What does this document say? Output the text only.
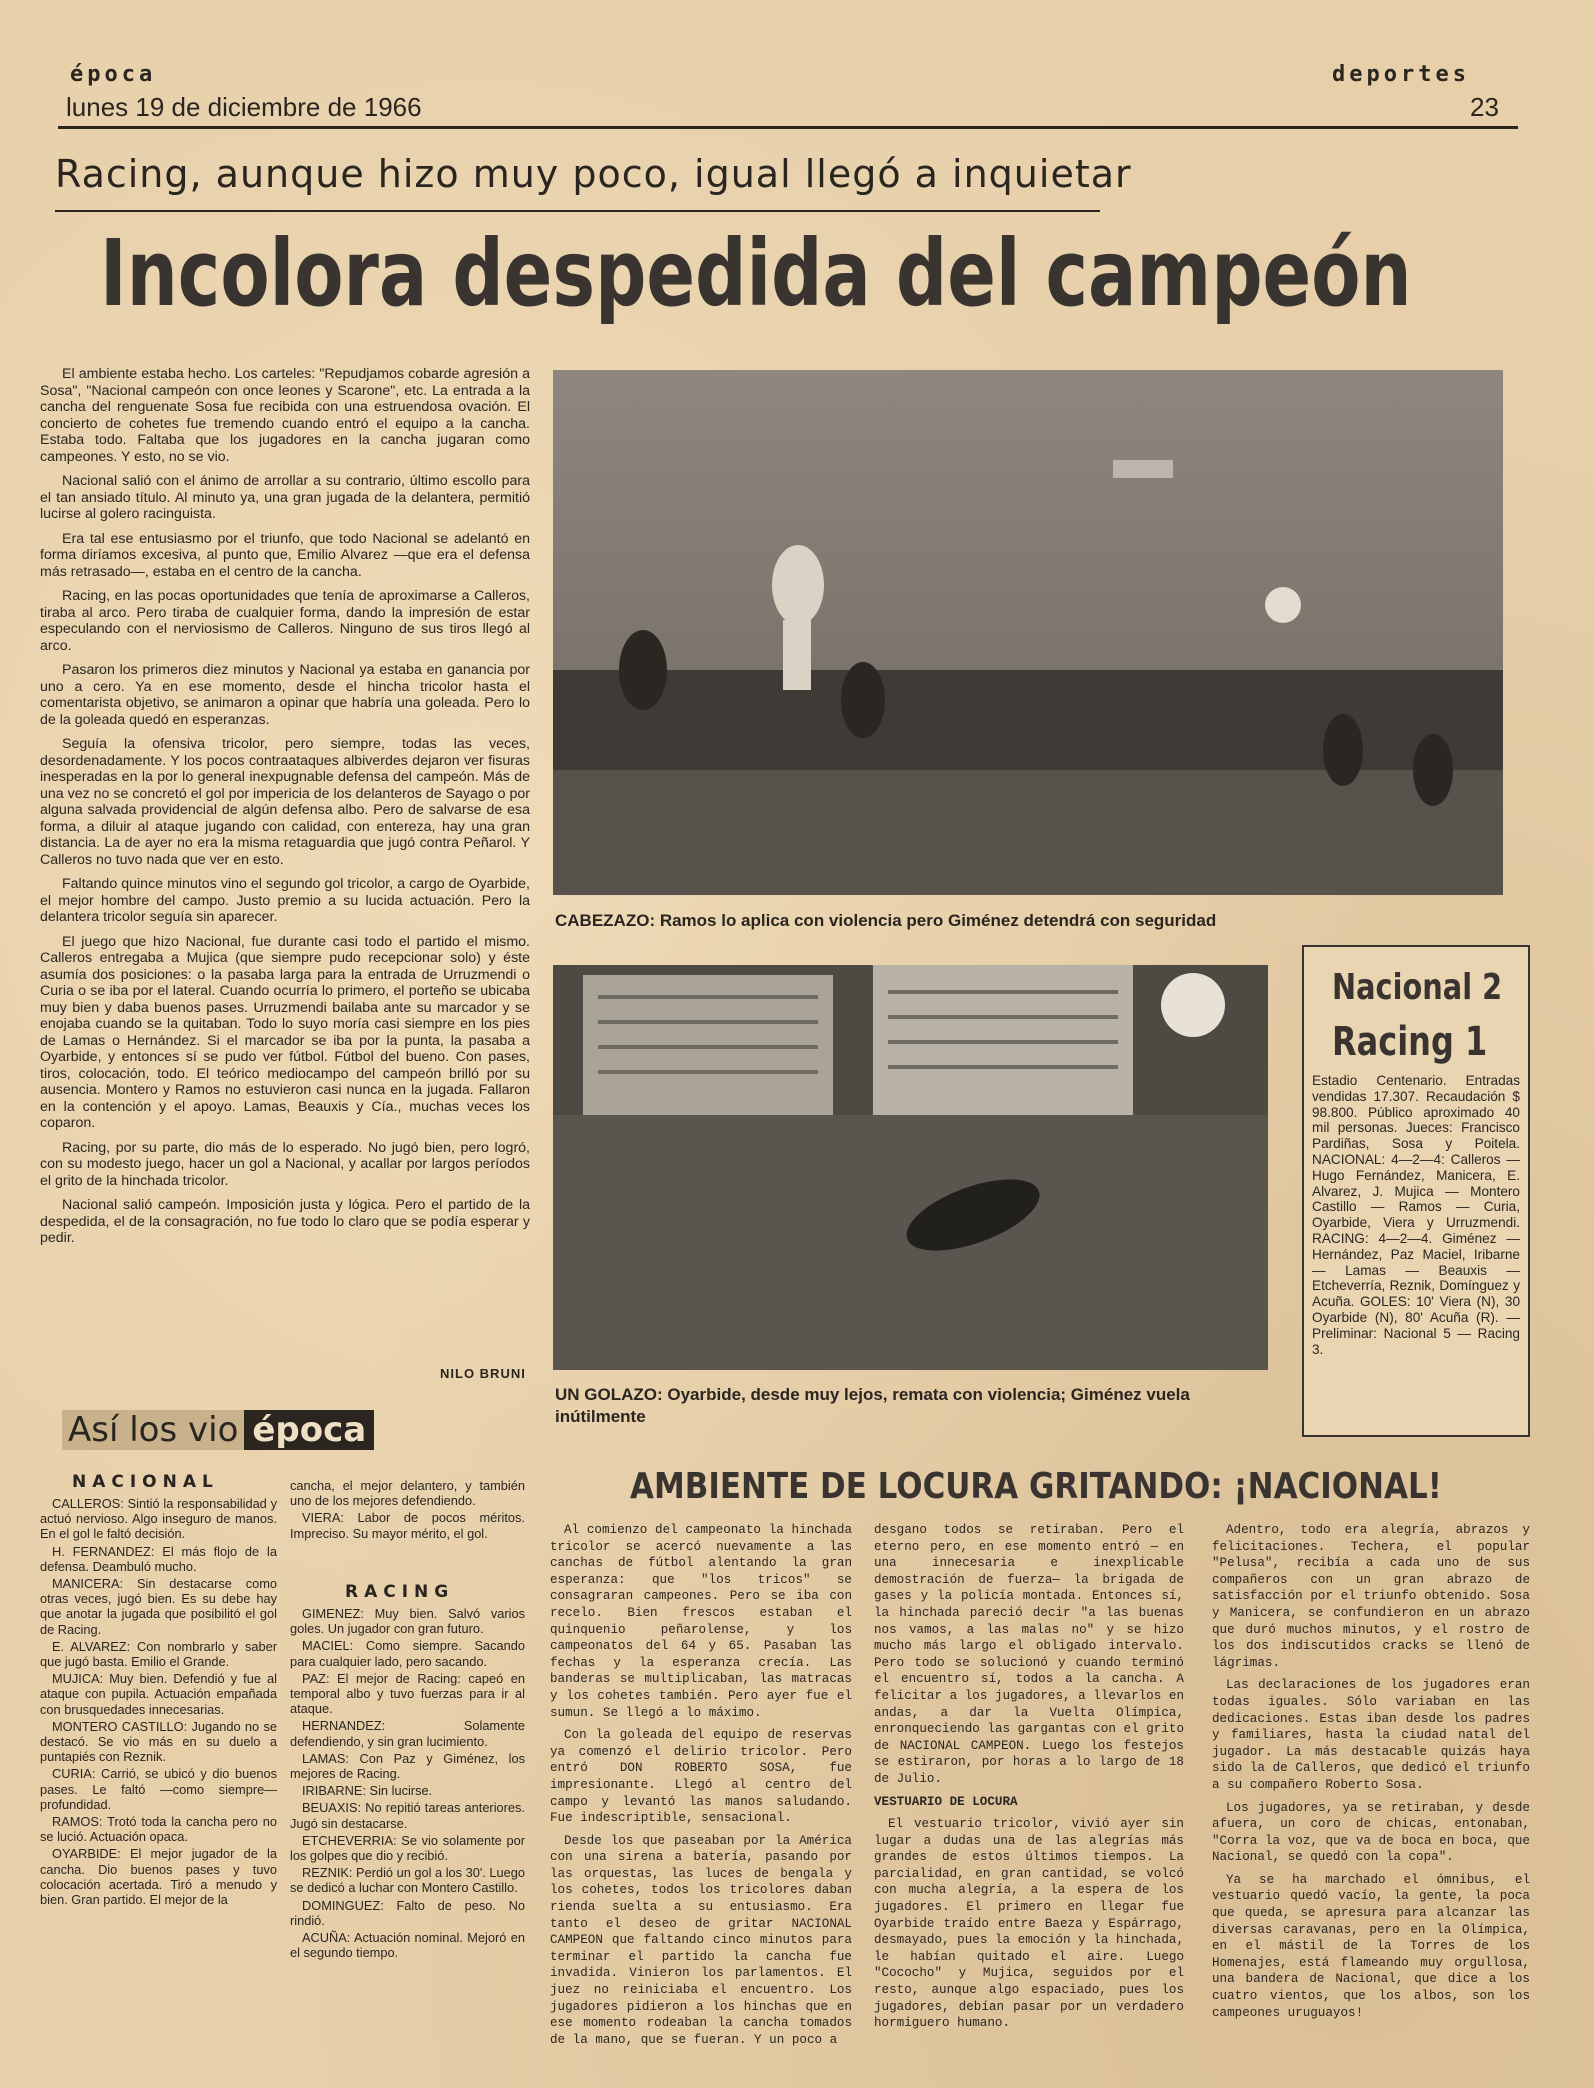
época
lunes 19 de diciembre de 1966
deportes
23
Racing, aunque hizo muy poco, igual llegó a inquietar
Incolora despedida del campeón

El ambiente estaba hecho. Los carteles: "Repudjamos cobarde agresión a Sosa", "Nacional campeón con once leones y Scarone", etc. La entrada a la cancha del renguenate Sosa fue recibida con una estruendosa ovación. El concierto de cohetes fue tremendo cuando entró el equipo a la cancha. Estaba todo. Faltaba que los jugadores en la cancha jugaran como campeones. Y esto, no se vio.

Nacional salió con el ánimo de arrollar a su contrario, último escollo para el tan ansiado título. Al minuto ya, una gran jugada de la delantera, permitió lucirse al golero racinguista.

Era tal ese entusiasmo por el triunfo, que todo Nacional se adelantó en forma diríamos excesiva, al punto que, Emilio Alvarez —que era el defensa más retrasado—, estaba en el centro de la cancha.

Racing, en las pocas oportunidades que tenía de aproximarse a Calleros, tiraba al arco. Pero tiraba de cualquier forma, dando la impresión de estar especulando con el nerviosismo de Calleros. Ninguno de sus tiros llegó al arco.

Pasaron los primeros diez minutos y Nacional ya estaba en ganancia por uno a cero. Ya en ese momento, desde el hincha tricolor hasta el comentarista objetivo, se animaron a opinar que habría una goleada. Pero lo de la goleada quedó en esperanzas.

Seguía la ofensiva tricolor, pero siempre, todas las veces, desordenadamente. Y los pocos contraataques albiverdes dejaron ver fisuras inesperadas en la por lo general inexpugnable defensa del campeón. Más de una vez no se concretó el gol por impericia de los delanteros de Sayago o por alguna salvada providencial de algún defensa albo. Pero de salvarse de esa forma, a diluir al ataque jugando con calidad, con entereza, hay una gran distancia. La de ayer no era la misma retaguardia que jugó contra Peñarol. Y Calleros no tuvo nada que ver en esto.

Faltando quince minutos vino el segundo gol tricolor, a cargo de Oyarbide, el mejor hombre del campo. Justo premio a su lucida actuación. Pero la delantera tricolor seguía sin aparecer.

El juego que hizo Nacional, fue durante casi todo el partido el mismo. Calleros entregaba a Mujica (que siempre pudo recepcionar solo) y éste asumía dos posiciones: o la pasaba larga para la entrada de Urruzmendi o Curia o se iba por el lateral. Cuando ocurría lo primero, el porteño se ubicaba muy bien y daba buenos pases. Urruzmendi bailaba ante su marcador y se enojaba cuando se la quitaban. Todo lo suyo moría casi siempre en los pies de Lamas o Hernández. Si el marcador se iba por la punta, la pasaba a Oyarbide, y entonces sí se pudo ver fútbol. Fútbol del bueno. Con pases, tiros, colocación, todo. El teórico mediocampo del campeón brilló por su ausencia. Montero y Ramos no estuvieron casi nunca en la jugada. Fallaron en la contención y el apoyo. Lamas, Beauxis y Cía., muchas veces los coparon.

Racing, por su parte, dio más de lo esperado. No jugó bien, pero logró, con su modesto juego, hacer un gol a Nacional, y acallar por largos períodos el grito de la hinchada tricolor.

Nacional salió campeón. Imposición justa y lógica. Pero el partido de la despedida, el de la consagración, no fue todo lo claro que se podía esperar y pedir.

NILO BRUNI
CABEZAZO: Ramos lo aplica con violencia pero Giménez detendrá con seguridad
UN GOLAZO: Oyarbide, desde muy lejos, remata con violencia; Giménez vuela inútilmente
Nacional 2
Racing 1
Estadio Centenario. Entradas vendidas 17.307. Recaudación $ 98.800. Público aproximado 40 mil personas. Jueces: Francisco Pardiñas, Sosa y Poitela. NACIONAL: 4—2—4: Calleros — Hugo Fernández, Manicera, E. Alvarez, J. Mujica — Montero Castillo — Ramos — Curia, Oyarbide, Viera y Urruzmendi. RACING: 4—2—4. Giménez — Hernández, Paz Maciel, Iribarne — Lamas — Beauxis — Etcheverría, Reznik, Domínguez y Acuña. GOLES: 10' Viera (N), 30 Oyarbide (N), 80' Acuña (R). — Preliminar: Nacional 5 — Racing 3.
Así los vio época
NACIONAL

CALLEROS: Sintió la responsabilidad y actuó nervioso. Algo inseguro de manos. En el gol le faltó decisión.

H. FERNANDEZ: El más flojo de la defensa. Deambuló mucho.

MANICERA: Sin destacarse como otras veces, jugó bien. Es su debe hay que anotar la jugada que posibilitó el gol de Racing.

E. ALVAREZ: Con nombrarlo y saber que jugó basta. Emilio el Grande.

MUJICA: Muy bien. Defendió y fue al ataque con pupila. Actuación empañada con brusquedades innecesarias.

MONTERO CASTILLO: Jugando no se destacó. Se vio más en su duelo a puntapiés con Reznik.

CURIA: Carrió, se ubicó y dio buenos pases. Le faltó —como siempre— profundidad.

RAMOS: Trotó toda la cancha pero no se lució. Actuación opaca.

OYARBIDE: El mejor jugador de la cancha. Dio buenos pases y tuvo colocación acertada. Tiró a menudo y bien. Gran partido. El mejor de la

cancha, el mejor delantero, y también uno de los mejores defendiendo.

VIERA: Labor de pocos méritos. Impreciso. Su mayor mérito, el gol.

RACING

GIMENEZ: Muy bien. Salvó varios goles. Un jugador con gran futuro.

MACIEL: Como siempre. Sacando para cualquier lado, pero sacando.

PAZ: El mejor de Racing: capeó en temporal albo y tuvo fuerzas para ir al ataque.

HERNANDEZ: Solamente defendiendo, y sin gran lucimiento.

LAMAS: Con Paz y Giménez, los mejores de Racing.

IRIBARNE: Sin lucirse.

BEUAXIS: No repitió tareas anteriores. Jugó sin destacarse.

ETCHEVERRIA: Se vio solamente por los golpes que dio y recibió.

REZNIK: Perdió un gol a los 30'. Luego se dedicó a luchar con Montero Castillo.

DOMINGUEZ: Falto de peso. No rindió.

ACUÑA: Actuación nominal. Mejoró en el segundo tiempo.

AMBIENTE DE LOCURA GRITANDO: ¡NACIONAL!

Al comienzo del campeonato la hinchada tricolor se acercó nuevamente a las canchas de fútbol alentando la gran esperanza: que "los tricos" se consagraran campeones. Pero se iba con recelo. Bien frescos estaban el quinquenio peñarolense, y los campeonatos del 64 y 65. Pasaban las fechas y la esperanza crecía. Las banderas se multiplicaban, las matracas y los cohetes también. Pero ayer fue el sumun. Se llegó a lo máximo.

Con la goleada del equipo de reservas ya comenzó el delirio tricolor. Pero entró DON ROBERTO SOSA, fue impresionante. Llegó al centro del campo y levantó las manos saludando. Fue indescriptible, sensacional.

Desde los que paseaban por la América con una sirena a batería, pasando por las orquestas, las luces de bengala y los cohetes, todos los tricolores daban rienda suelta a su entusiasmo. Era tanto el deseo de gritar NACIONAL CAMPEON que faltando cinco minutos para terminar el partido la cancha fue invadida. Vinieron los parlamentos. El juez no reiniciaba el encuentro. Los jugadores pidieron a los hinchas que en ese momento rodeaban la cancha tomados de la mano, que se fueran. Y un poco a

desgano todos se retiraban. Pero el eterno pero, en ese momento entró — en una innecesaria e inexplicable demostración de fuerza— la brigada de gases y la policía montada. Entonces sí, la hinchada pareció decir "a las buenas nos vamos, a las malas no" y se hizo mucho más largo el obligado intervalo. Pero todo se solucionó y cuando terminó el encuentro sí, todos a la cancha. A felicitar a los jugadores, a llevarlos en andas, a dar la Vuelta Olímpica, enronqueciendo las gargantas con el grito de NACIONAL CAMPEON. Luego los festejos se estiraron, por horas a lo largo de 18 de Julio.

VESTUARIO DE LOCURA

El vestuario tricolor, vivió ayer sin lugar a dudas una de las alegrías más grandes de estos últimos tiempos. La parcialidad, en gran cantidad, se volcó con mucha alegría, a la espera de los jugadores. El primero en llegar fue Oyarbide traído entre Baeza y Espárrago, desmayado, pues la emoción y la hinchada, le habían quitado el aire. Luego "Cococho" y Mujica, seguidos por el resto, aunque algo espaciado, pues los jugadores, debían pasar por un verdadero hormiguero humano.

Adentro, todo era alegría, abrazos y felicitaciones. Techera, el popular "Pelusa", recibía a cada uno de sus compañeros con un gran abrazo de satisfacción por el triunfo obtenido. Sosa y Manicera, se confundieron en un abrazo que duró muchos minutos, y el rostro de los dos indiscutidos cracks se llenó de lágrimas.

Las declaraciones de los jugadores eran todas iguales. Sólo variaban en las dedicaciones. Estas iban desde los padres y familiares, hasta la ciudad natal del jugador. La más destacable quizás haya sido la de Calleros, que dedicó el triunfo a su compañero Roberto Sosa.

Los jugadores, ya se retiraban, y desde afuera, un coro de chicas, entonaban, "Corra la voz, que va de boca en boca, que Nacional, se quedó con la copa".

Ya se ha marchado el ómnibus, el vestuario quedó vacío, la gente, la poca que queda, se apresura para alcanzar las diversas caravanas, pero en la Olímpica, en el mástil de la Torres de los Homenajes, está flameando muy orgullosa, una bandera de Nacional, que dice a los cuatro vientos, que los albos, son los campeones uruguayos!
